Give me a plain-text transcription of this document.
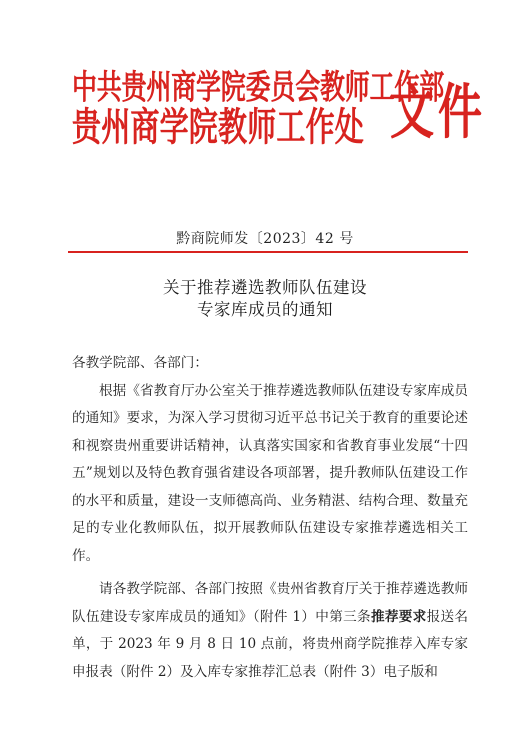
中共贵州商学院委员会教师工作部
贵州商学院教师工作处 文件
黔商院师发〔2023〕42 号
关于推荐遴选教师队伍建设
专家库成员的通知

各教学院部、各部门：

根据《省教育厅办公室关于推荐遴选教师队伍建设专家库成员的通知》要求，为深入学习贯彻习近平总书记关于教育的重要论述和视察贵州重要讲话精神，认真落实国家和省教育事业发展“十四五”规划以及特色教育强省建设各项部署，提升教师队伍建设工作的水平和质量，建设一支师德高尚、业务精湛、结构合理、数量充足的专业化教师队伍，拟开展教师队伍建设专家推荐遴选相关工作。

请各教学院部、各部门按照《贵州省教育厅关于推荐遴选教师队伍建设专家库成员的通知》（附件 1）中第三条推荐要求报送名单，于 2023 年 9 月 8 日 10 点前，将贵州商学院推荐入库专家申报表（附件 2）及入库专家推荐汇总表（附件 3）电子版和
